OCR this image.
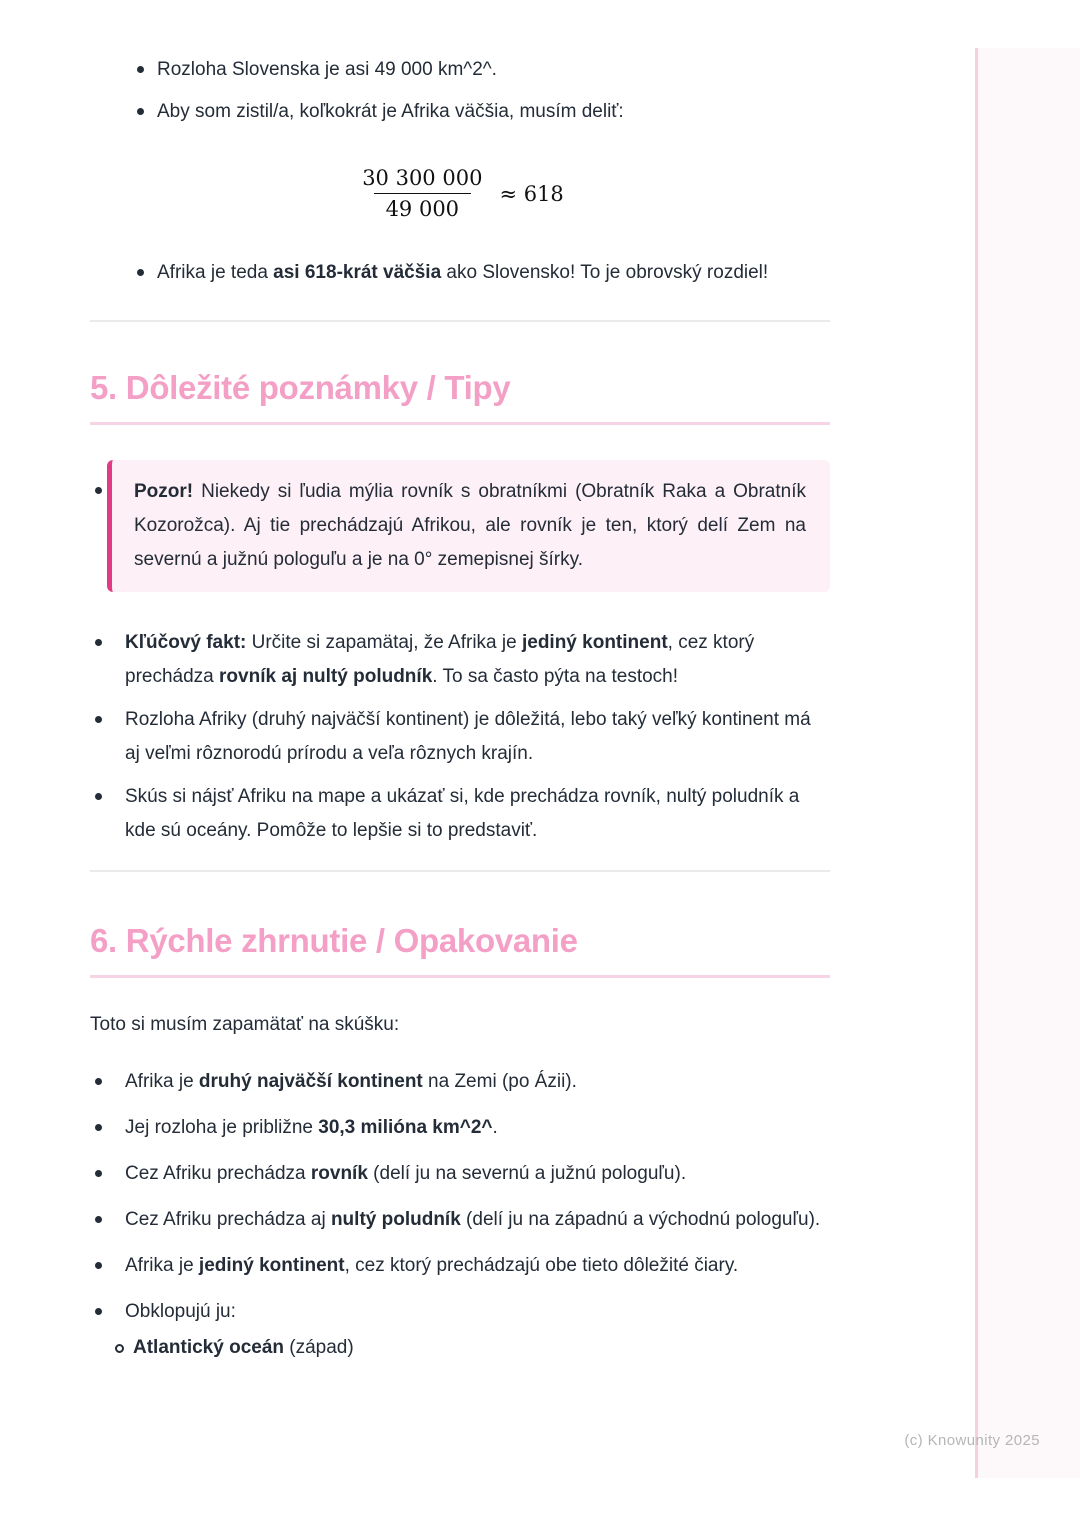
Rozloha Slovenska je asi 49 000 km^2^.
Aby som zistil/a, koľkokrát je Afrika väčšia, musím deliť:
$\frac{30 300 000}{49 000} \approx 618$
Afrika je teda asi 618-krát väčšia ako Slovensko! To je obrovský rozdiel!
5. Dôležité poznámky / Tipy

Pozor! Niekedy si ľudia mýlia rovník s obratníkmi (Obratník Raka a Obratník Kozorožca). Aj tie prechádzajú Afrikou, ale rovník je ten, ktorý delí Zem na severnú a južnú pologuľu a je na 0° zemepisnej šírky.

Kľúčový fakt: Určite si zapamätaj, že Afrika je jediný kontinent, cez ktorý prechádza rovník aj nultý poludník. To sa často pýta na testoch!
Rozloha Afriky (druhý najväčší kontinent) je dôležitá, lebo taký veľký kontinent má aj veľmi rôznorodú prírodu a veľa rôznych krajín.
Skús si nájsť Afriku na mape a ukázať si, kde prechádza rovník, nultý poludník a kde sú oceány. Pomôže to lepšie si to predstaviť.
6. Rýchle zhrnutie / Opakovanie

Toto si musím zapamätať na skúšku:

Afrika je druhý najväčší kontinent na Zemi (po Ázii).
Jej rozloha je približne 30,3 milióna km^2^.
Cez Afriku prechádza rovník (delí ju na severnú a južnú pologuľu).
Cez Afriku prechádza aj nultý poludník (delí ju na západnú a východnú pologuľu).
Afrika je jediný kontinent, cez ktorý prechádzajú obe tieto dôležité čiary.
Obklopujú ju:
Atlantický oceán (západ)
(c) Knowunity 2025
